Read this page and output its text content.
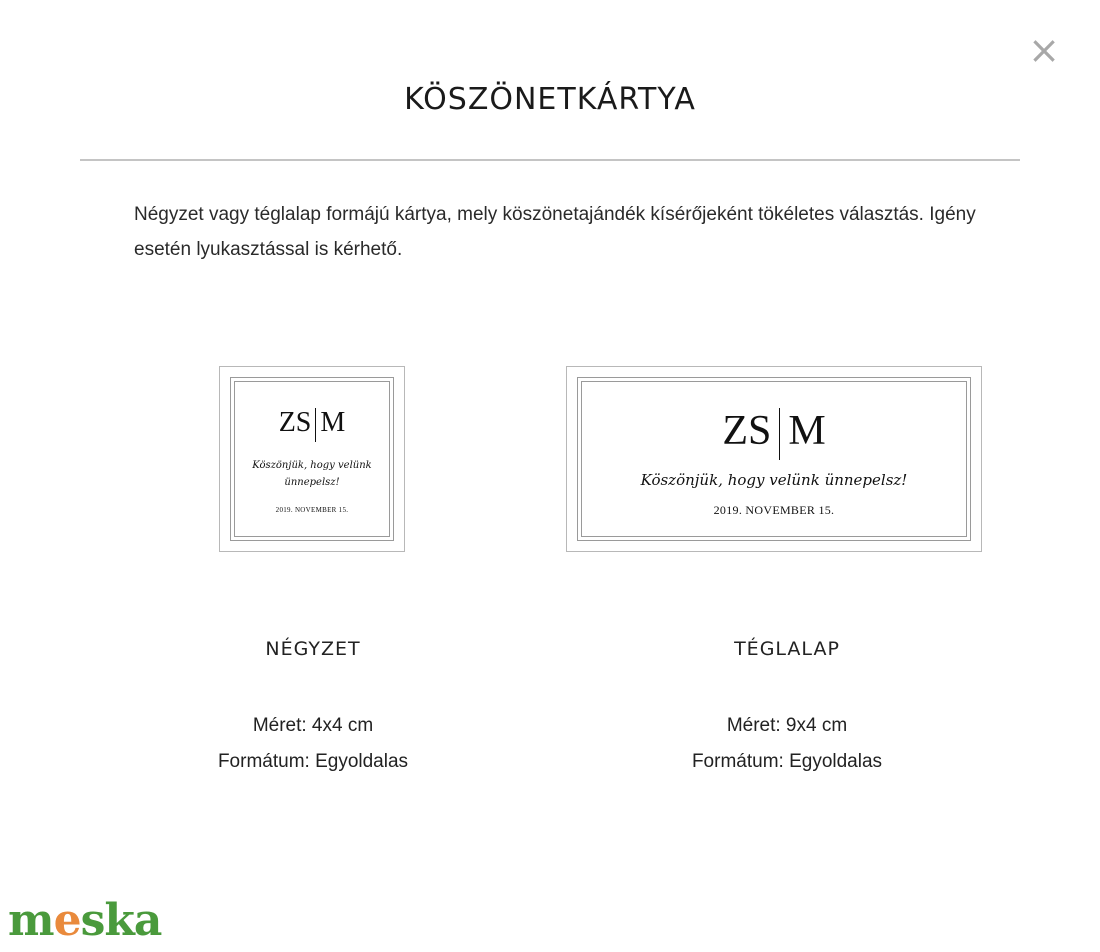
×
KÖSZÖNETKÁRTYA

Négyzet vagy téglalap formájú kártya, mely köszönetajándék kísérőjeként tökéletes választás. Igény esetén lyukasztással is kérhető.

ZS M
Köszönjük, hogy velünk ünnepelsz!
2019. NOVEMBER 15.
ZS M
Köszönjük, hogy velünk ünnepelsz!
2019. NOVEMBER 15.
NÉGYZET	TÉGLALAP
Méret: 4x4 cm
Formátum: Egyoldalas
Méret: 9x4 cm
Formátum: Egyoldalas
meska
